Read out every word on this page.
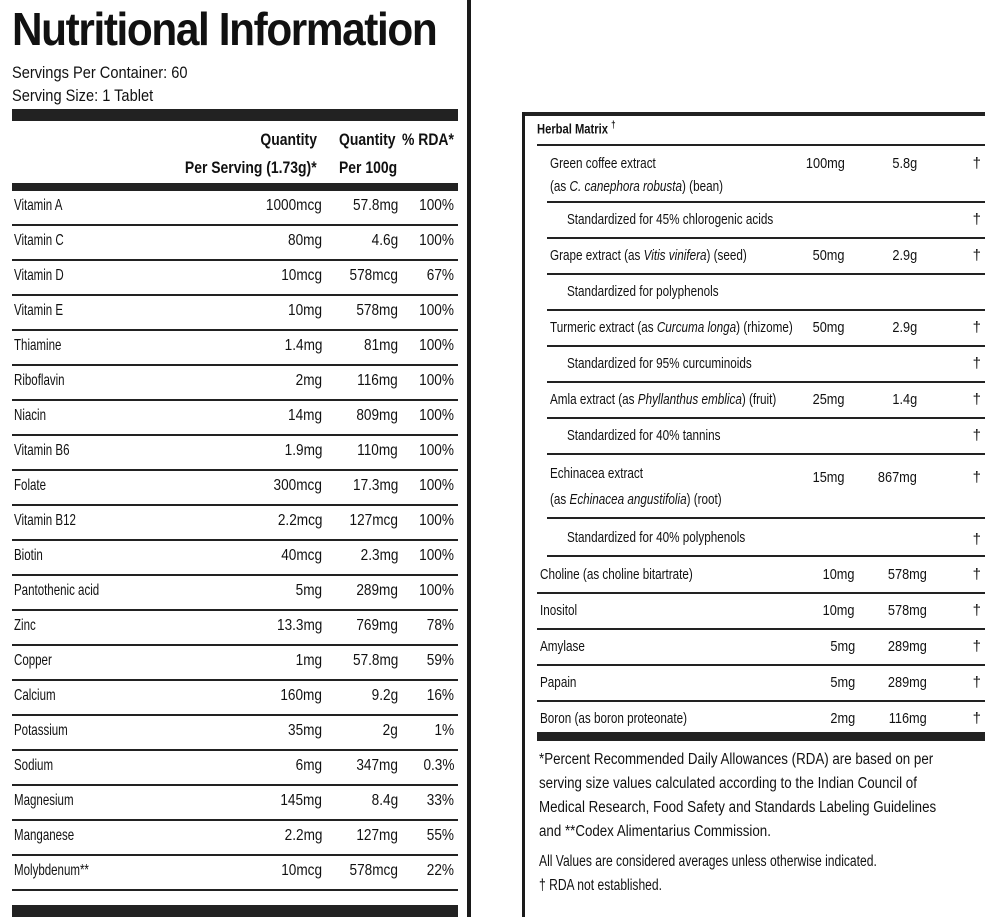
Nutritional Information
Servings Per Container: 60
Serving Size: 1 Tablet
Quantity
Per Serving (1.73g)*
Quantity
Per 100g
% RDA*
Vitamin A	1000mcg 57.8mg 100%
Vitamin C	80mg	4.6g 100%
Vitamin D	10mcg 578mcg 67%
Vitamin E	10mg 578mg 100%
Thiamine	1.4mg	81mg 100%
Riboflavin	2mg 116mg 100%
Niacin	14mg 809mg 100%
Vitamin B6	1.9mg 110mg 100%
Folate	300mcg 17.3mg 100%
Vitamin B12	2.2mcg 127mcg 100%
Biotin	40mcg 2.3mg 100%
Pantothenic acid	5mg 289mg 100%
Zinc	13.3mg 769mg 78%
Copper	1mg 57.8mg 59%
Calcium	160mg	9.2g 16%
Potassium	35mg	2g 1%
Sodium	6mg 347mg 0.3%
Magnesium	145mg	8.4g 33%
Manganese	2.2mg 127mg 55%
Molybdenum**	10mcg 578mcg 22%
Herbal Matrix †
Green coffee extract
(as C. canephora robusta) (bean)
100mg	5.8g	†
Standardized for 45% chlorogenic acids	†
Grape extract (as Vitis vinifera) (seed)	50mg	2.9g	†
Standardized for polyphenols
Turmeric extract (as Curcuma longa) (rhizome) 50mg	2.9g	†
Standardized for 95% curcuminoids	†
Amla extract (as Phyllanthus emblica) (fruit) 25mg	1.4g	†
Standardized for 40% tannins	†
Echinacea extract
(as Echinacea angustifolia) (root)
15mg 867mg	†
Standardized for 40% polyphenols	†
Choline (as choline bitartrate)	10mg 578mg	†
Inositol	10mg 578mg	†
Amylase	5mg 289mg	†
Papain	5mg 289mg	†
Boron (as boron proteonate)	2mg 116mg	†
*Percent Recommended Daily Allowances (RDA) are based on per
serving size values calculated according to the Indian Council of
Medical Research, Food Safety and Standards Labeling Guidelines
and **Codex Alimentarius Commission.
All Values are considered averages unless otherwise indicated.
† RDA not established.
